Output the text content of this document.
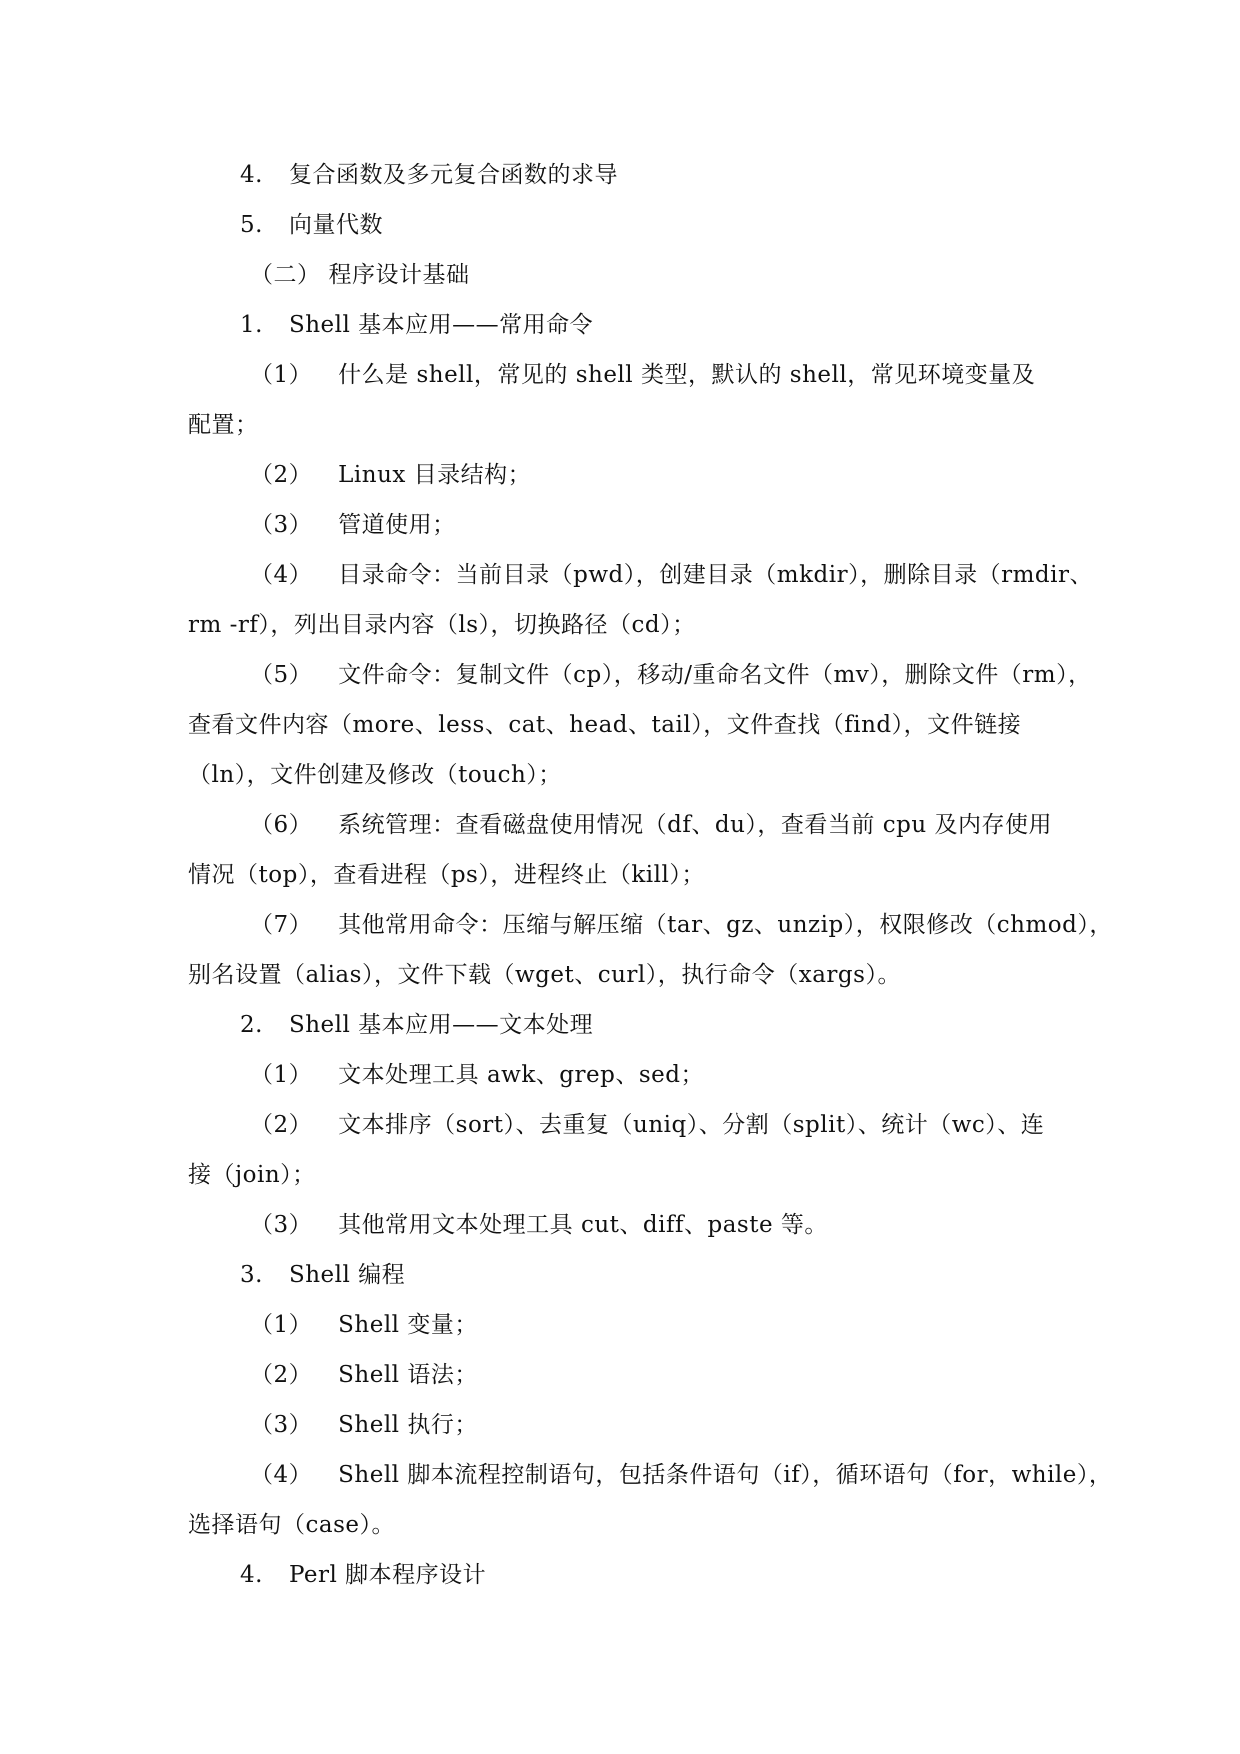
4. 复合函数及多元复合函数的求导
5. 向量代数
（二） 程序设计基础
1. Shell 基本应用——常用命令
（1） 什么是 shell，常见的 shell 类型，默认的 shell，常见环境变量及
配置；
（2） Linux 目录结构；
（3） 管道使用；
（4） 目录命令：当前目录（pwd），创建目录（mkdir），删除目录（rmdir、
rm -rf），列出目录内容（ls），切换路径（cd）；
（5） 文件命令：复制文件（cp），移动/重命名文件（mv），删除文件（rm），
查看文件内容（more、less、cat、head、tail），文件查找（find），文件链接
（ln），文件创建及修改（touch）；
（6） 系统管理：查看磁盘使用情况（df、du），查看当前 cpu 及内存使用
情况（top），查看进程（ps），进程终止（kill）；
（7） 其他常用命令：压缩与解压缩（tar、gz、unzip），权限修改（chmod），
别名设置（alias），文件下载（wget、curl），执行命令（xargs）。
2. Shell 基本应用——文本处理
（1） 文本处理工具 awk、grep、sed；
（2） 文本排序（sort）、去重复（uniq）、分割（split）、统计（wc）、连
接（join）；
（3） 其他常用文本处理工具 cut、diff、paste 等。
3. Shell 编程
（1） Shell 变量；
（2） Shell 语法；
（3） Shell 执行；
（4） Shell 脚本流程控制语句，包括条件语句（if），循环语句（for，while），
选择语句（case）。
4. Perl 脚本程序设计
